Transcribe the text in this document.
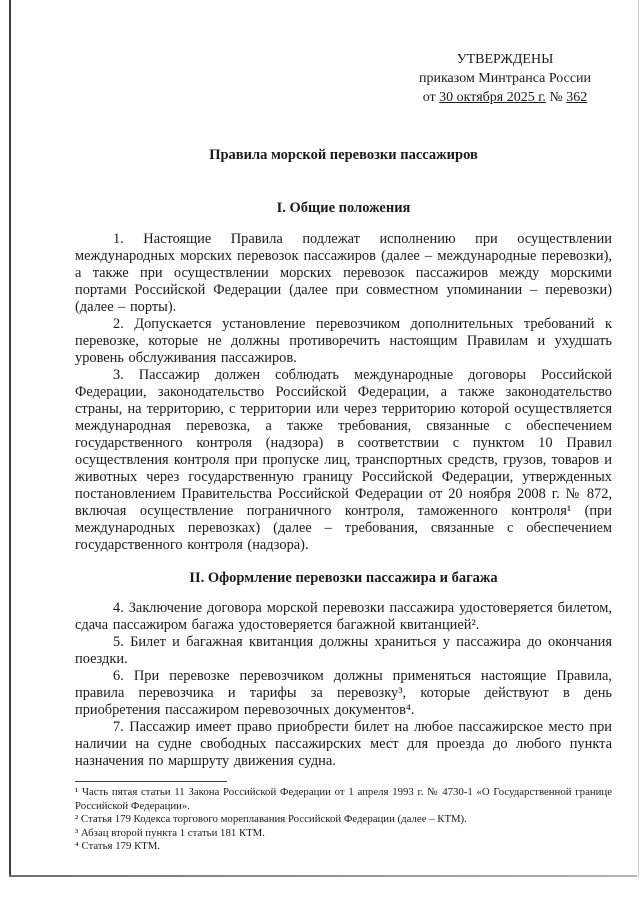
УТВЕРЖДЕНЫ
приказом Минтранса России
от 30 октября 2025 г. № 362
Правила морской перевозки пассажиров
I. Общие положения

1. Настоящие Правила подлежат исполнению при осуществлении международных морских перевозок пассажиров (далее – международные перевозки), а также при осуществлении морских перевозок пассажиров между морскими портами Российской Федерации (далее при совместном упоминании – перевозки) (далее – порты).

2. Допускается установление перевозчиком дополнительных требований к перевозке, которые не должны противоречить настоящим Правилам и ухудшать уровень обслуживания пассажиров.

3. Пассажир должен соблюдать международные договоры Российской Федерации, законодательство Российской Федерации, а также законодательство страны, на территорию, с территории или через территорию которой осуществляется международная перевозка, а также требования, связанные с обеспечением государственного контроля (надзора) в соответствии с пунктом 10 Правил осуществления контроля при пропуске лиц, транспортных средств, грузов, товаров и животных через государственную границу Российской Федерации, утвержденных постановлением Правительства Российской Федерации от 20 ноября 2008 г. № 872, включая осуществление пограничного контроля, таможенного контроля¹ (при международных перевозках) (далее – требования, связанные с обеспечением государственного контроля (надзора).

II. Оформление перевозки пассажира и багажа

4. Заключение договора морской перевозки пассажира удостоверяется билетом, сдача пассажиром багажа удостоверяется багажной квитанцией².

5. Билет и багажная квитанция должны храниться у пассажира до окончания поездки.

6. При перевозке перевозчиком должны применяться настоящие Правила, правила перевозчика и тарифы за перевозку³, которые действуют в день приобретения пассажиром перевозочных документов⁴.

7. Пассажир имеет право приобрести билет на любое пассажирское место при наличии на судне свободных пассажирских мест для проезда до любого пункта назначения по маршруту движения судна.

¹ Часть пятая статьи 11 Закона Российской Федерации от 1 апреля 1993 г. № 4730-1 «О Государственной границе Российской Федерации».

² Статья 179 Кодекса торгового мореплавания Российской Федерации (далее – КТМ).

³ Абзац второй пункта 1 статьи 181 КТМ.

⁴ Статья 179 КТМ.
